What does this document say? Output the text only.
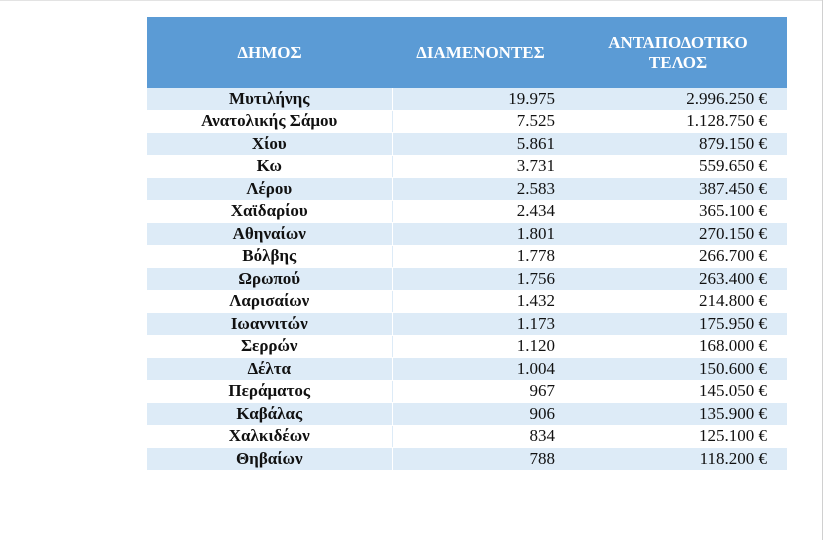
ΔΗΜΟΣ	ΔΙΑΜΕΝΟΝΤΕΣ	ΑΝΤΑΠΟΔΟΤΙΚΟ ΤΕΛΟΣ
Μυτιλήνης	19.975	2.996.250 €
Ανατολικής Σάμου	7.525	1.128.750 €
Χίου	5.861	879.150 €
Κω	3.731	559.650 €
Λέρου	2.583	387.450 €
Χαϊδαρίου	2.434	365.100 €
Αθηναίων	1.801	270.150 €
Βόλβης	1.778	266.700 €
Ωρωπού	1.756	263.400 €
Λαρισαίων	1.432	214.800 €
Ιωαννιτών	1.173	175.950 €
Σερρών	1.120	168.000 €
Δέλτα	1.004	150.600 €
Περάματος	967	145.050 €
Καβάλας	906	135.900 €
Χαλκιδέων	834	125.100 €
Θηβαίων	788	118.200 €
